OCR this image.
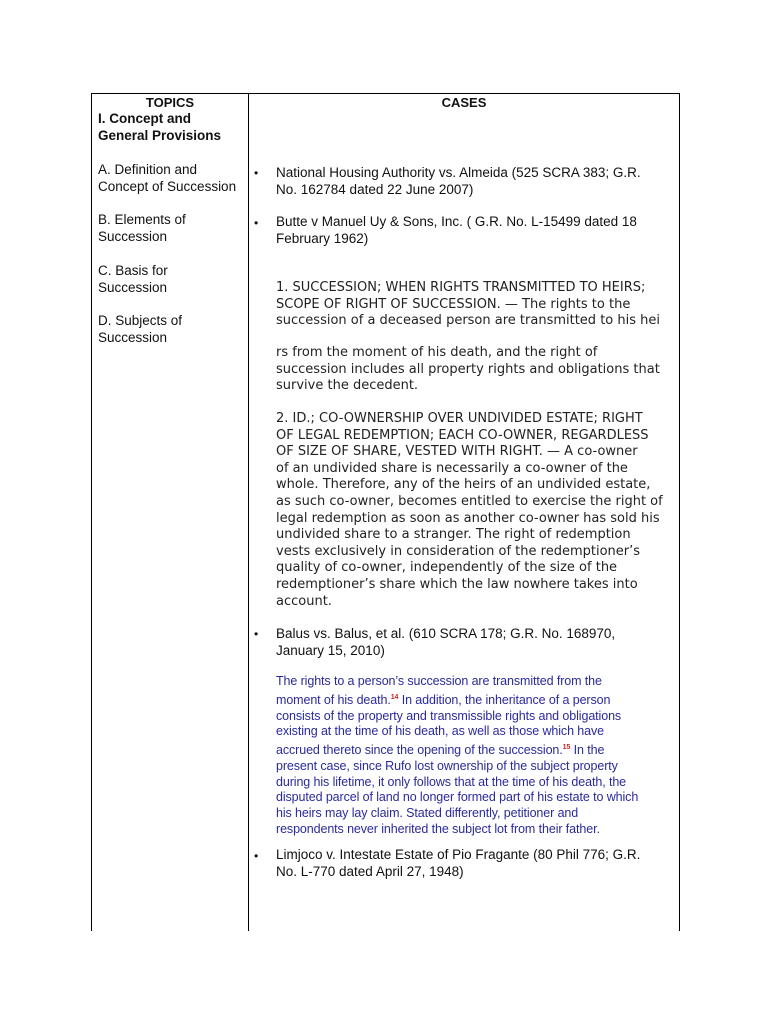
TOPICS	CASES
I. Concept and
General Provisions
A. Definition and
Concept of Succession
B. Elements of
Succession
C. Basis for
Succession
D. Subjects of
Succession
• National Housing Authority vs. Almeida (525 SCRA 383; G.R.
No. 162784 dated 22 June 2007)
• Butte v Manuel Uy & Sons, Inc. ( G.R. No. L-15499 dated 18
February 1962)
1. SUCCESSION; WHEN RIGHTS TRANSMITTED TO HEIRS;
SCOPE OF RIGHT OF SUCCESSION. — The rights to the
succession of a deceased person are transmitted to his hei
rs from the moment of his death, and the right of
succession includes all property rights and obligations that
survive the decedent.
2. ID.; CO-OWNERSHIP OVER UNDIVIDED ESTATE; RIGHT
OF LEGAL REDEMPTION; EACH CO-OWNER, REGARDLESS
OF SIZE OF SHARE, VESTED WITH RIGHT. — A co-owner
of an undivided share is necessarily a co-owner of the
whole. Therefore, any of the heirs of an undivided estate,
as such co-owner, becomes entitled to exercise the right of
legal redemption as soon as another co-owner has sold his
undivided share to a stranger. The right of redemption
vests exclusively in consideration of the redemptioner’s
quality of co-owner, independently of the size of the
redemptioner’s share which the law nowhere takes into
account.
• Balus vs. Balus, et al. (610 SCRA 178; G.R. No. 168970,
January 15, 2010)
The rights to a person’s succession are transmitted from the
moment of his death.$^{14}$ In addition, the inheritance of a person
consists of the property and transmissible rights and obligations
existing at the time of his death, as well as those which have
accrued thereto since the opening of the succession.$^{15}$ In the
present case, since Rufo lost ownership of the subject property
during his lifetime, it only follows that at the time of his death, the
disputed parcel of land no longer formed part of his estate to which
his heirs may lay claim. Stated differently, petitioner and
respondents never inherited the subject lot from their father.
• Limjoco v. Intestate Estate of Pio Fragante (80 Phil 776; G.R.
No. L-770 dated April 27, 1948)
